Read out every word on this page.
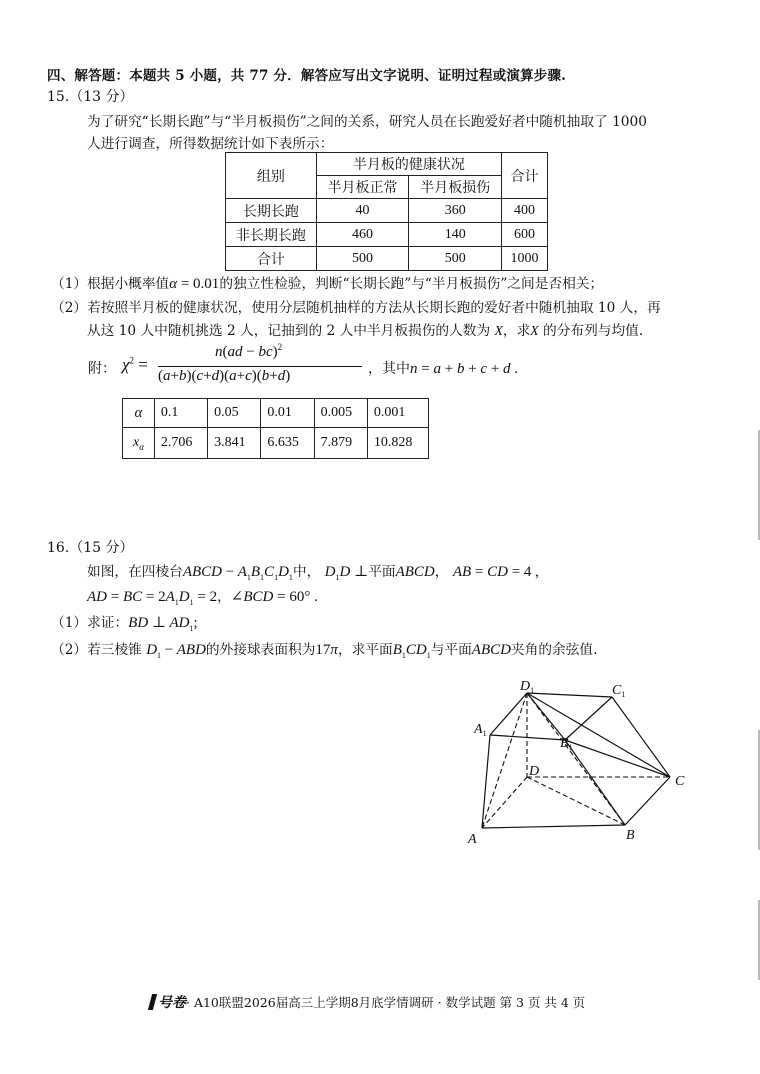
四、解答题：本题共 5 小题，共 77 分．解答应写出文字说明、证明过程或演算步骤.
15.（13 分）
为了研究“长期长跑”与“半月板损伤”之间的关系，研究人员在长跑爱好者中随机抽取了 1000
人进行调查，所得数据统计如下表所示：
组别	半月板的健康状况		合计
	半月板正常	半月板损伤	
长期长跑	40	360	400
非长期长跑	460	140	600
合计	500	500	1000
（1）根据小概率值α = 0.01的独立性检验，判断“长期长跑”与“半月板损伤”之间是否相关；
（2）若按照半月板的健康状况，使用分层随机抽样的方法从长期长跑的爱好者中随机抽取 10 人，再
从这 10 人中随机挑选 2 人，记抽到的 2 人中半月板损伤的人数为 X，求X 的分布列与均值.
附： $\chi^2$ =
n(ad − bc)$^2$
(a+b)(c+d)(a+c)(b+d)	，其中n = a + b + c + d .
α	0.1	0.05	0.01	0.005	0.001
$x_\alpha$	2.706	3.841	6.635	7.879	10.828
16.（15 分）
如图，在四棱台ABCD − $A_1B_1C_1D_1$中， $D_1D$ ⊥平面ABCD， AB = CD = 4 ,
AD = BC = $2A_1D_1 = 2$，∠BCD = 60° .
（1）求证：BD ⊥ $AD_1$;
（2）若三棱锥 $D_1$ − ABD的外接球表面积为17π，求平面$B_1CD_1$与平面ABCD夹角的余弦值.
$D_1$	$C_1$
$A_1$
$B_1$
D
C
A	B
号卷· A10联盟2026届高三上学期8月底学情调研 · 数学试题 第 3 页 共 4 页
